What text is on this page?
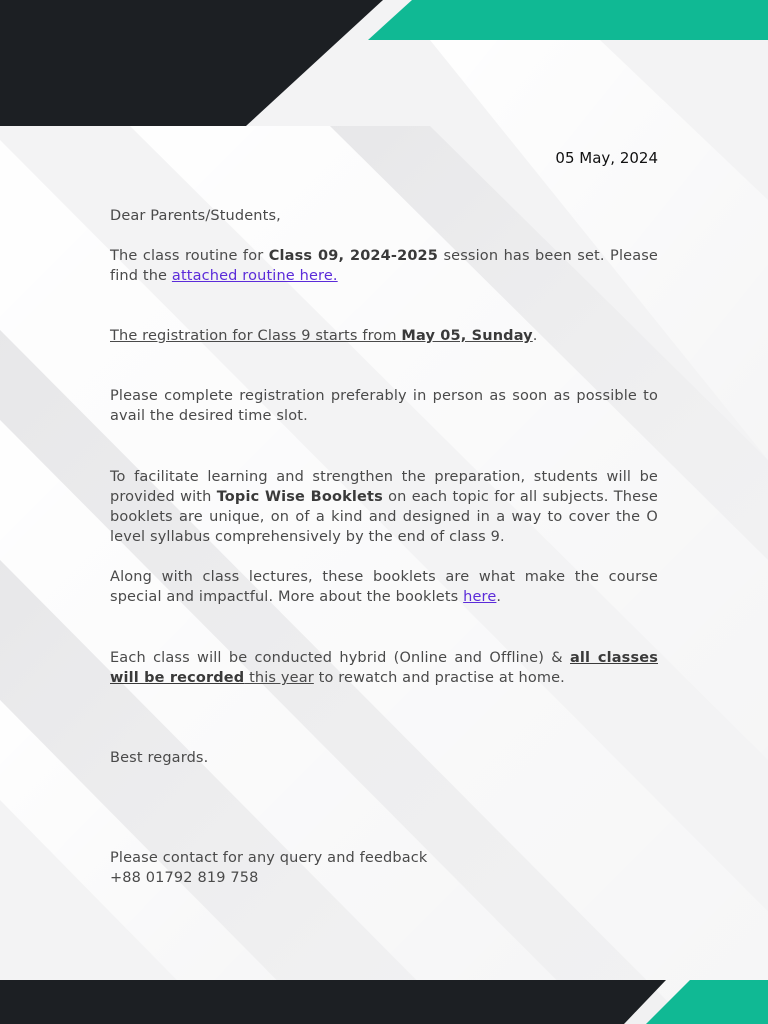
05 May, 2024

Dear Parents/Students,

The class routine for Class 09, 2024-2025 session has been set. Please find the attached routine here.

The registration for Class 9 starts from May 05, Sunday.

Please complete registration preferably in person as soon as possible to avail the desired time slot.

To facilitate learning and strengthen the preparation, students will be provided with Topic Wise Booklets on each topic for all subjects. These booklets are unique, on of a kind and designed in a way to cover the O level syllabus comprehensively by the end of class 9.

Along with class lectures, these booklets are what make the course special and impactful. More about the booklets here.

Each class will be conducted hybrid (Online and Offline) & all classes will be recorded this year to rewatch and practise at home.

Best regards.

Please contact for any query and feedback

+88 01792 819 758
